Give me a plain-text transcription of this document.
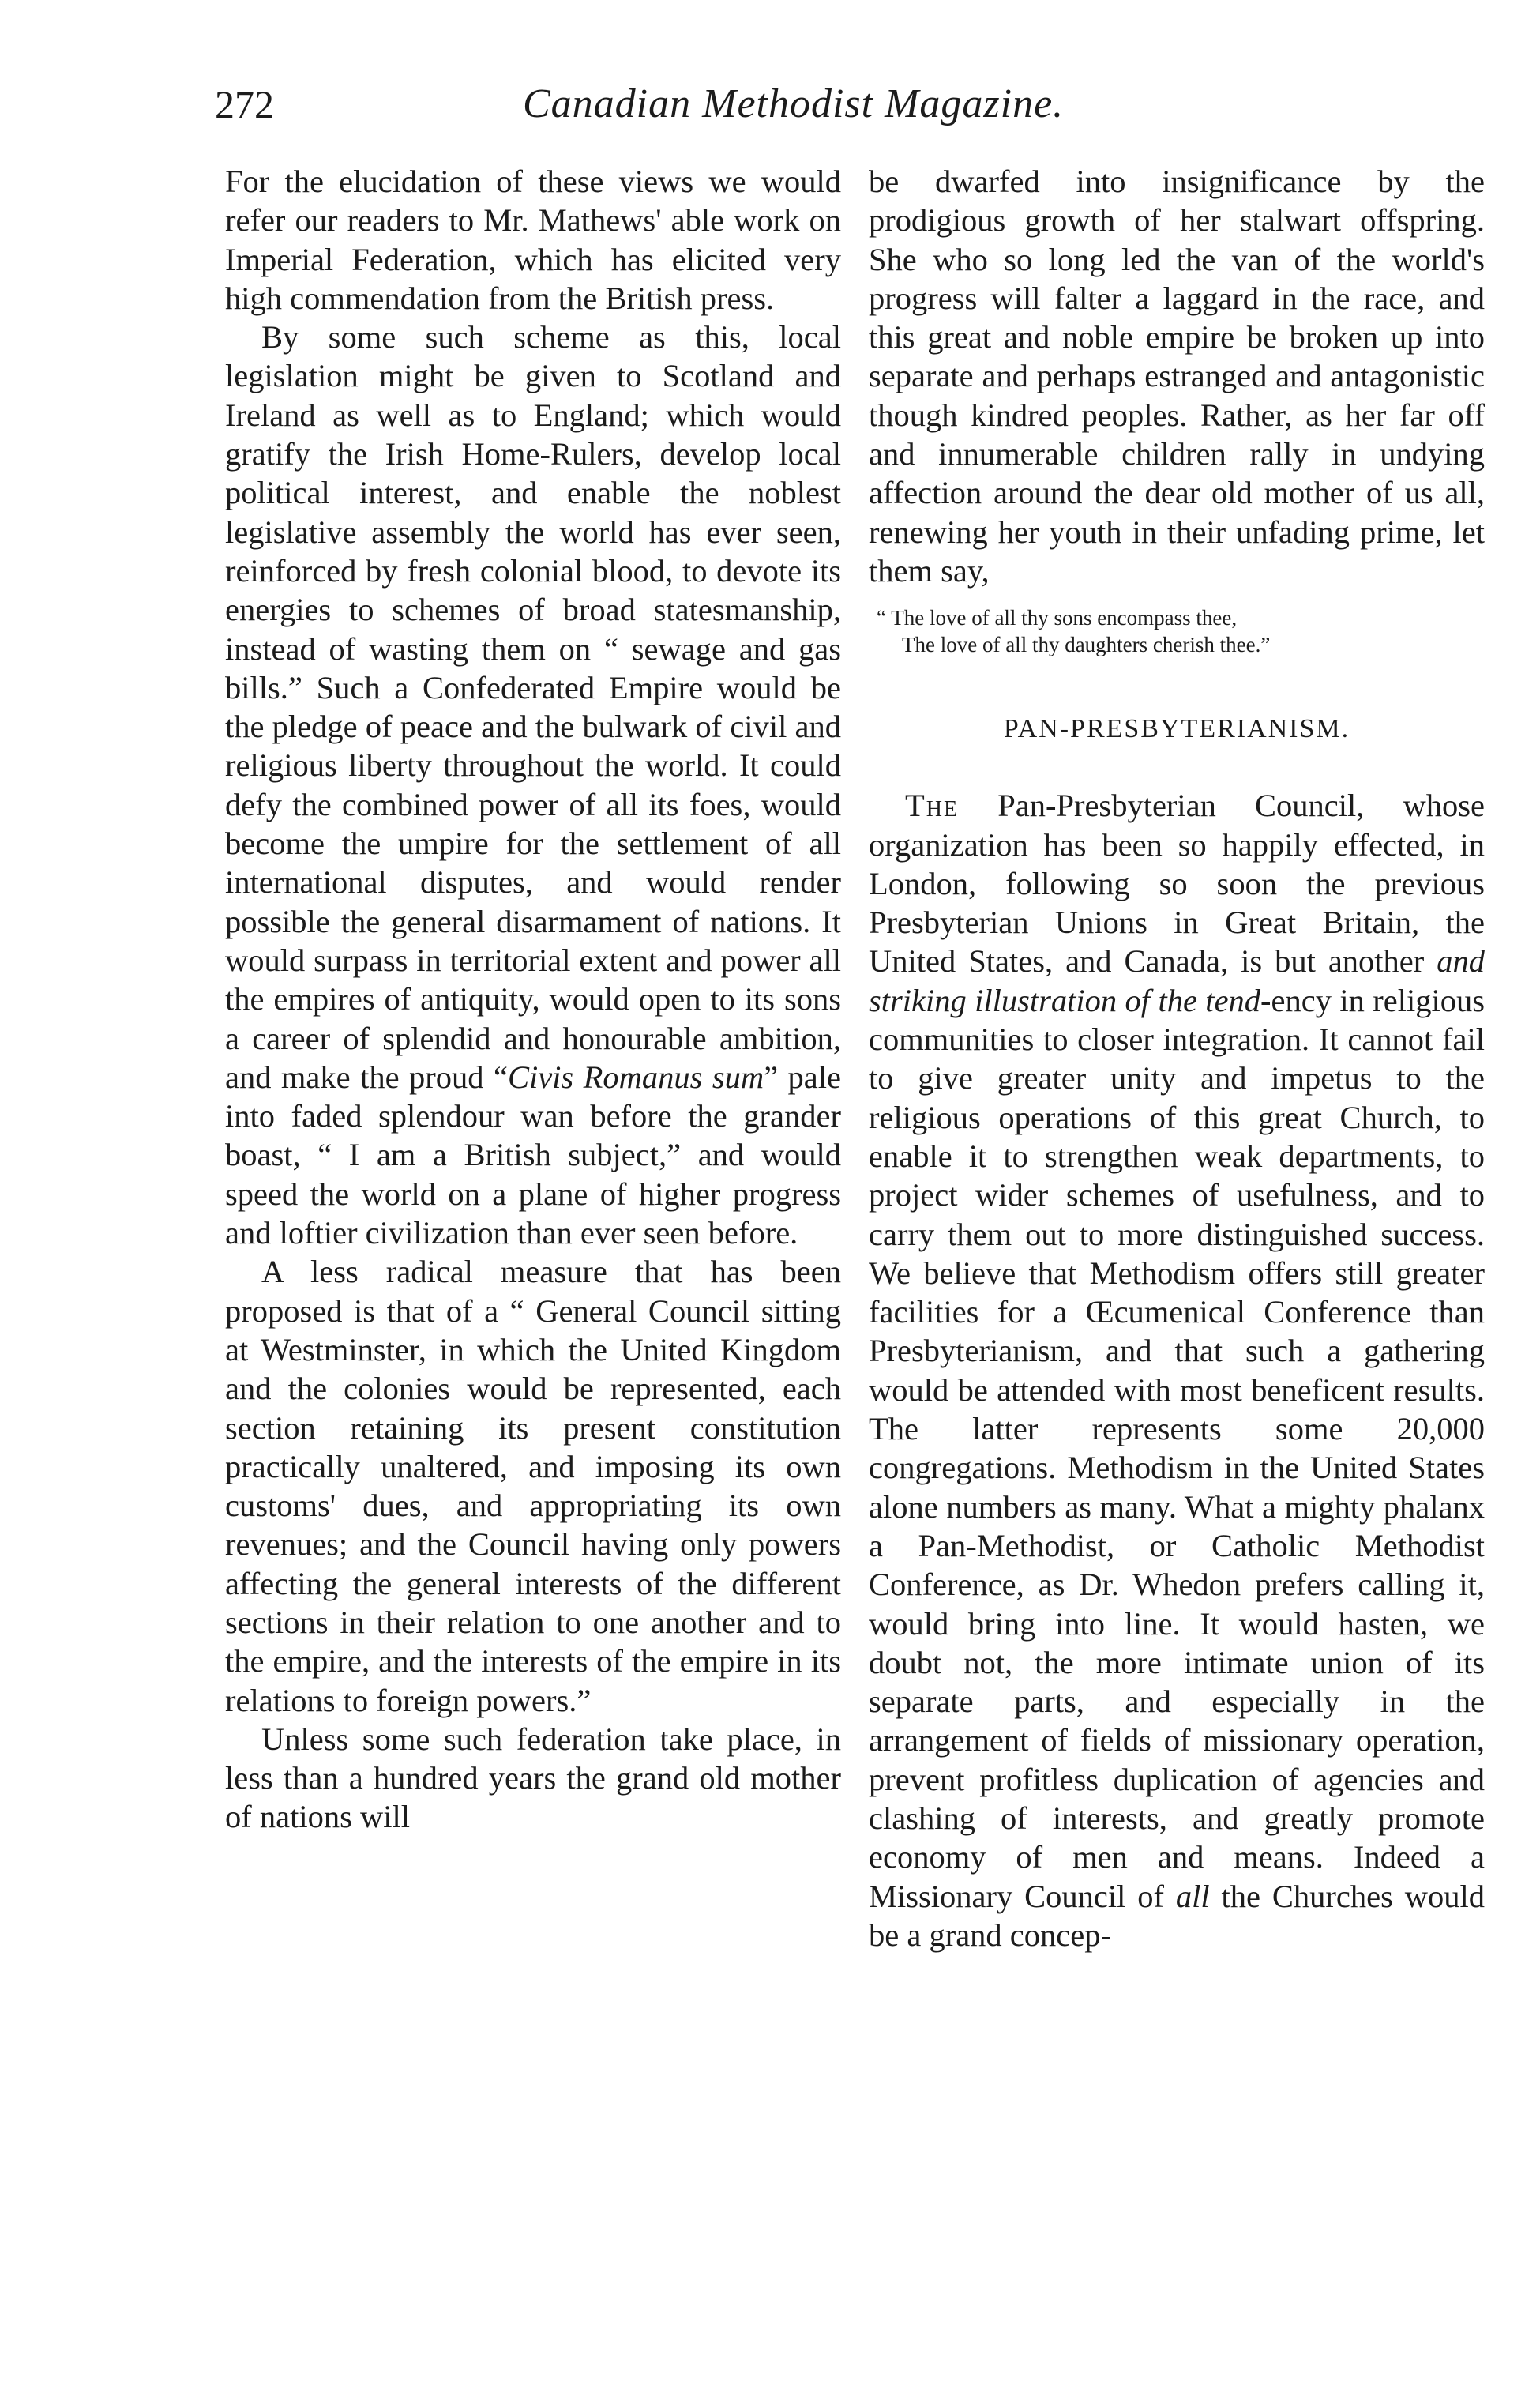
272	Canadian Methodist Magazine.

For the elucidation of these views we would refer our readers to Mr. Mathews' able work on Imperial Federation, which has elicited very high commendation from the British press.

By some such scheme as this, local legislation might be given to Scotland and Ireland as well as to England; which would gratify the Irish Home-Rulers, develop local political interest, and enable the noblest legislative assembly the world has ever seen, reinforced by fresh colonial blood, to devote its energies to schemes of broad statesmanship, instead of wasting them on “ sewage and gas bills.” Such a Confederated Empire would be the pledge of peace and the bulwark of civil and religious liberty throughout the world. It could defy the combined power of all its foes, would become the umpire for the settlement of all international disputes, and would render possible the general disarmament of nations. It would surpass in territorial extent and power all the empires of antiquity, would open to its sons a career of splendid and honourable ambition, and make the proud “Civis Romanus sum” pale into faded splendour wan before the grander boast, “ I am a British subject,” and would speed the world on a plane of higher progress and loftier civilization than ever seen before.

A less radical measure that has been proposed is that of a “ General Council sitting at Westminster, in which the United Kingdom and the colonies would be represented, each section retaining its present constitution practically unaltered, and imposing its own customs' dues, and appropriating its own revenues; and the Council having only powers affecting the general interests of the different sections in their relation to one another and to the empire, and the interests of the empire in its relations to foreign powers.”

Unless some such federation take place, in less than a hundred years the grand old mother of nations will

be dwarfed into insignificance by the prodigious growth of her stalwart offspring. She who so long led the van of the world's progress will falter a laggard in the race, and this great and noble empire be broken up into separate and perhaps estranged and antagonistic though kindred peoples. Rather, as her far off and innumerable children rally in undying affection around the dear old mother of us all, renewing her youth in their unfading prime, let them say,

“ The love of all thy sons encompass thee,
The love of all thy daughters cherish thee.”
PAN-PRESBYTERIANISM.

The Pan-Presbyterian Council, whose organization has been so happily effected, in London, following so soon the previous Presbyterian Unions in Great Britain, the United States, and Canada, is but another and striking illustration of the tend-ency in religious communities to closer integration. It cannot fail to give greater unity and impetus to the religious operations of this great Church, to enable it to strengthen weak departments, to project wider schemes of usefulness, and to carry them out to more distinguished success. We believe that Methodism offers still greater facilities for a Œcumenical Conference than Presbyterianism, and that such a gathering would be attended with most beneficent results. The latter represents some 20,000 congregations. Methodism in the United States alone numbers as many. What a mighty phalanx a Pan-Methodist, or Catholic Methodist Conference, as Dr. Whedon prefers calling it, would bring into line. It would hasten, we doubt not, the more intimate union of its separate parts, and especially in the arrangement of fields of missionary operation, prevent profitless duplication of agencies and clashing of interests, and greatly promote economy of men and means. Indeed a Missionary Council of all the Churches would be a grand concep-
